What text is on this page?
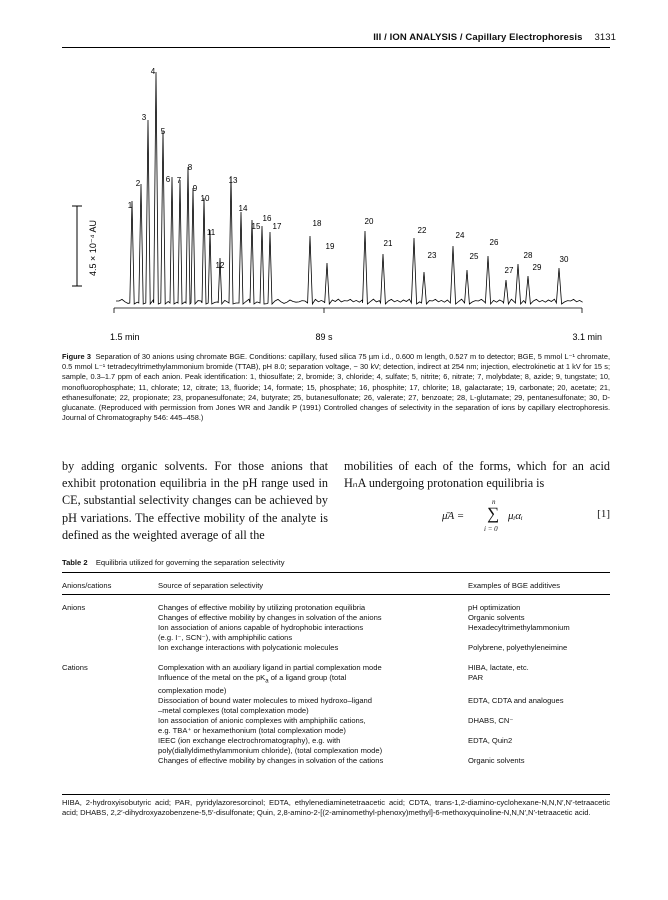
III / ION ANALYSIS / Capillary Electrophoresis 3131
4.5 × 10⁻⁴ AU
1
2
3
4
5
6 7
8
9
10
11
12
13
14
15
16
17	18
19
20
21
22
23
24
25
26
27
28
29
30
1.5 min	89 s	3.1 min
Figure 3 Separation of 30 anions using chromate BGE. Conditions: capillary, fused silica 75 µm i.d., 0.600 m length, 0.527 m to detector; BGE, 5 mmol L⁻¹ chromate, 0.5 mmol L⁻¹ tetradecyltrimethylammonium bromide (TTAB), pH 8.0; separation voltage, − 30 kV; detection, indirect at 254 nm; injection, electrokinetic at 1 kV for 15 s; sample, 0.3–1.7 ppm of each anion. Peak identification: 1, thiosulfate; 2, bromide; 3, chloride; 4, sulfate; 5, nitrite; 6, nitrate; 7, molybdate; 8, azide; 9, tungstate; 10, monofluorophosphate; 11, chlorate; 12, citrate; 13, fluoride; 14, formate; 15, phosphate; 16, phosphite; 17, chlorite; 18, galactarate; 19, carbonate; 20, acetate; 21, ethanesulfonate; 22, propionate; 23, propanesulfonate; 24, butyrate; 25, butanesulfonate; 26, valerate; 27, benzoate; 28, L-glutamate; 29, pentanesulfonate; 30, D-glucanate. (Reproduced with permission from Jones WR and Jandik P (1991) Controlled changes of selectivity in the separation of ions by capillary electrophoresis. Journal of Chromatography 546: 445–458.)
by adding organic solvents. For those anions that exhibit protonation equilibria in the pH range used in CE, substantial selectivity changes can be achieved by pH variations. The effective mobility of the analyte is defined as the weighted average of all the
mobilities of each of the forms, which for an acid HₙA undergoing protonation equilibria is
μ̄A =
n
∑
i = 0
μᵢαᵢ	[1]
Table 2 Equilibria utilized for governing the separation selectivity
Anions/cations	Source of separation selectivity	Examples of BGE additives

Anions	Changes of effective mobility by utilizing protonation equilibria	pH optimization
	Changes of effective mobility by changes in solvation of the anions	Organic solvents
	Ion association of anions capable of hydrophobic interactions	Hexadecyltrimethylammonium
	(e.g. I⁻, SCN⁻), with amphiphilic cations	
	Ion exchange interactions with polycationic molecules	Polybrene, polyethyleneimine

Cations	Complexation with an auxiliary ligand in partial complexation mode	HIBA, lactate, etc.
	Influence of the metal on the $pK_a$ of a ligand group (total	PAR
	complexation mode)	
	Dissociation of bound water molecules to mixed hydroxo–ligand	EDTA, CDTA and analogues
	–metal complexes (total complexation mode)	
	Ion association of anionic complexes with amphiphilic cations,	DHABS, CN⁻
	e.g. TBA⁺ or hexamethonium (total complexation mode)	
	IEEC (ion exchange electrochromatography), e.g. with	EDTA, Quin2
	poly(diallyldimethylammonium chloride), (total complexation mode)	
	Changes of effective mobility by changes in solvation of the cations	Organic solvents
HIBA, 2-hydroxyisobutyric acid; PAR, pyridylazoresorcinol; EDTA, ethylenediaminetetraacetic acid; CDTA, trans-1,2-diamino-cyclohexane-N,N,N′,N′-tetraacetic acid; DHABS, 2,2′-dihydroxyazobenzene-5,5′-disulfonate; Quin, 2,8-amino-2-[(2-aminomethyl-phenoxy)methyl]-6-methoxyquinoline-N,N,N′,N′-tetraacetic acid.
